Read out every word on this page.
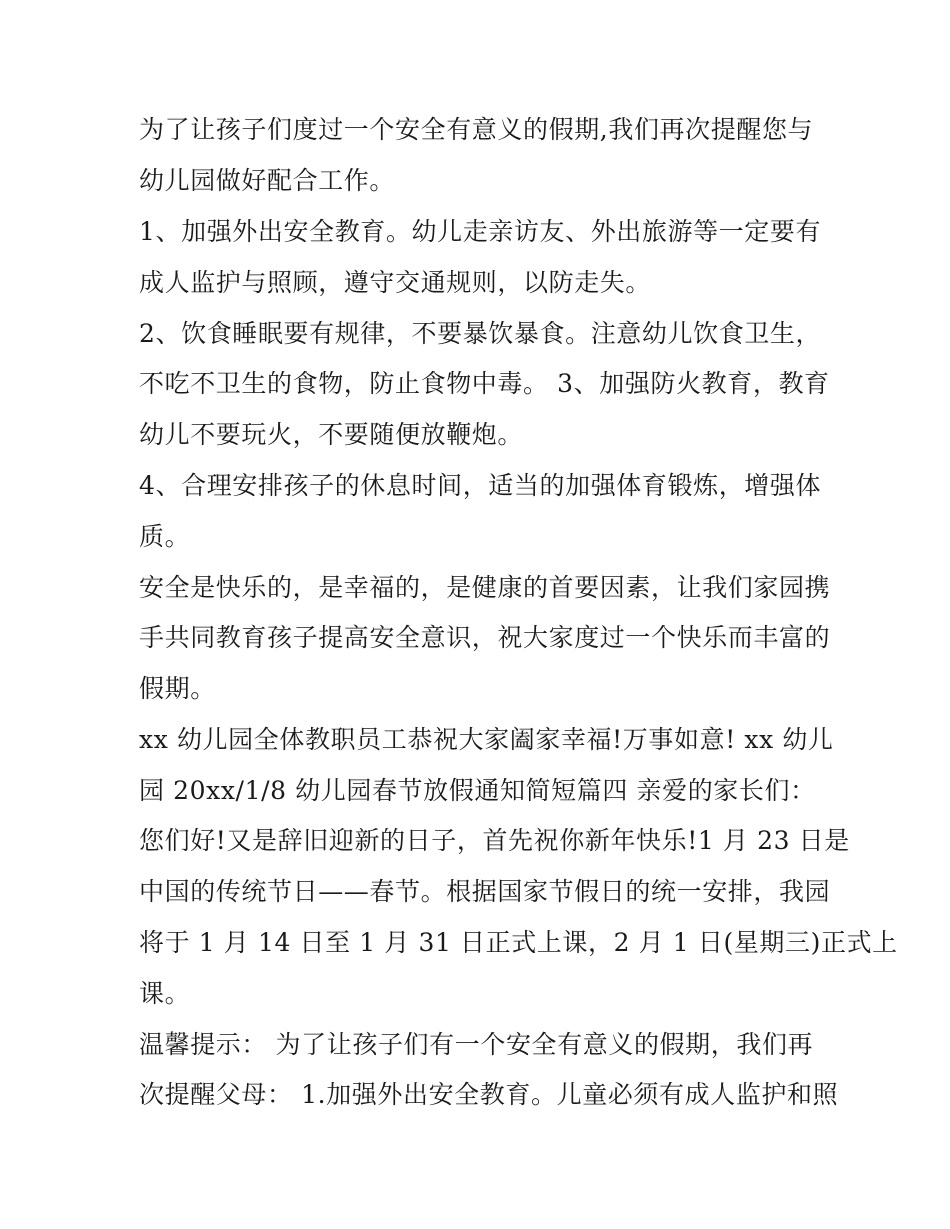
为了让孩子们度过一个安全有意义的假期,我们再次提醒您与
幼儿园做好配合工作。
1、加强外出安全教育。幼儿走亲访友、外出旅游等一定要有
成人监护与照顾，遵守交通规则，以防走失。
2、饮食睡眠要有规律，不要暴饮暴食。注意幼儿饮食卫生，
不吃不卫生的食物，防止食物中毒。 3、加强防火教育，教育
幼儿不要玩火，不要随便放鞭炮。
4、合理安排孩子的休息时间，适当的加强体育锻炼，增强体
质。
安全是快乐的，是幸福的，是健康的首要因素，让我们家园携
手共同教育孩子提高安全意识，祝大家度过一个快乐而丰富的
假期。
xx 幼儿园全体教职员工恭祝大家阖家幸福!万事如意! xx 幼儿
园 20xx/1/8 幼儿园春节放假通知简短篇四 亲爱的家长们：
您们好!又是辞旧迎新的日子，首先祝你新年快乐!1 月 23 日是
中国的传统节日——春节。根据国家节假日的统一安排，我园
将于 1 月 14 日至 1 月 31 日正式上课，2 月 1 日(星期三)正式上
课。
温馨提示： 为了让孩子们有一个安全有意义的假期，我们再
次提醒父母： 1.加强外出安全教育。儿童必须有成人监护和照
